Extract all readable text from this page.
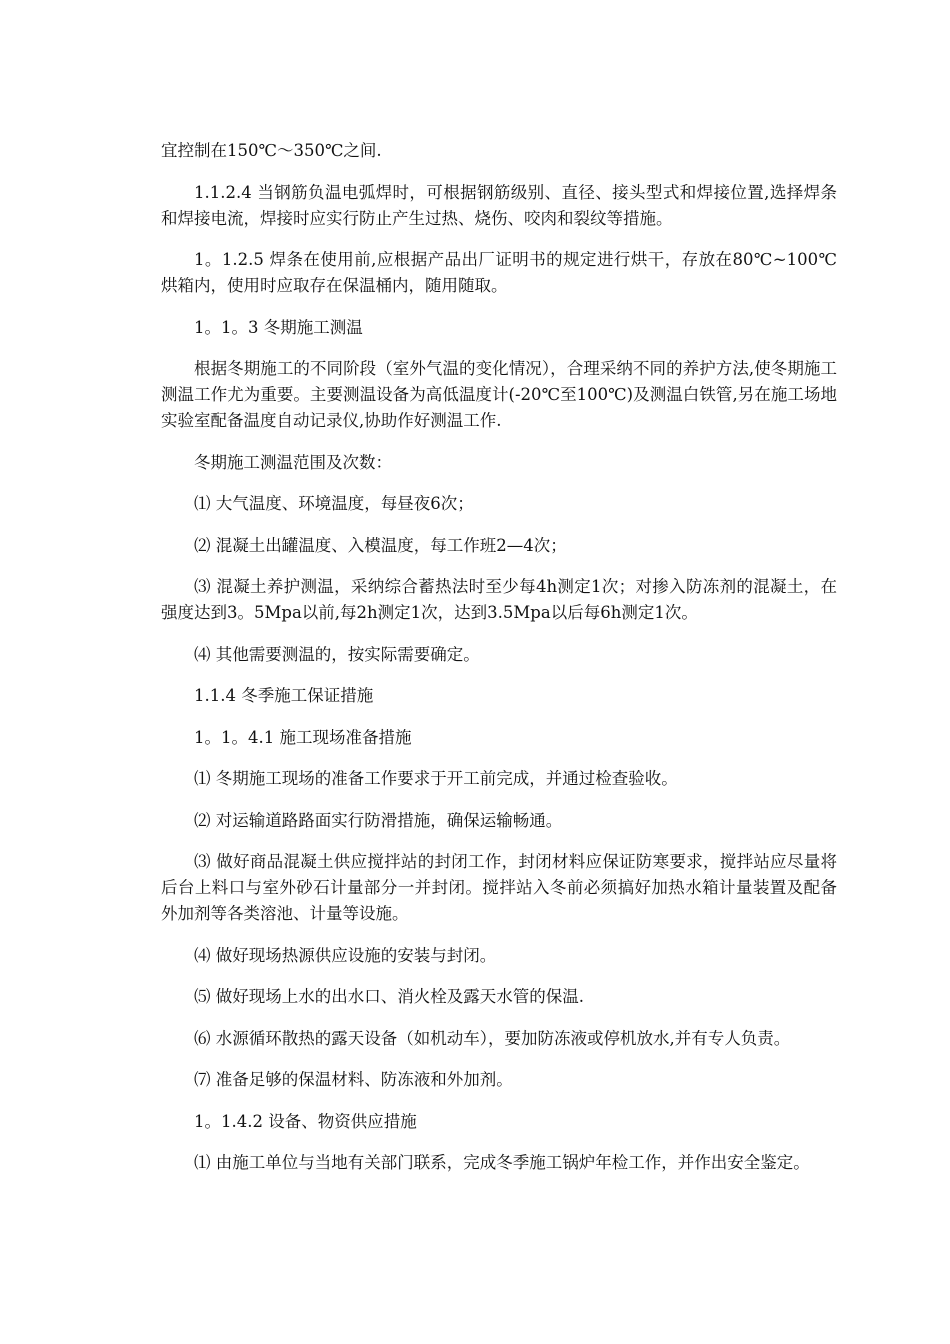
宜控制在150℃～350℃之间.

1.1.2.4 当钢筋负温电弧焊时，可根据钢筋级别、直径、接头型式和焊接位置,选择焊条和焊接电流，焊接时应实行防止产生过热、烧伤、咬肉和裂纹等措施。

1。1.2.5 焊条在使用前,应根据产品出厂证明书的规定进行烘干，存放在80℃~100℃烘箱内，使用时应取存在保温桶内，随用随取。

1。1。3 冬期施工测温

根据冬期施工的不同阶段（室外气温的变化情况），合理采纳不同的养护方法,使冬期施工测温工作尤为重要。主要测温设备为高低温度计(-20℃至100℃)及测温白铁管,另在施工场地实验室配备温度自动记录仪,协助作好测温工作.

冬期施工测温范围及次数：

⑴ 大气温度、环境温度，每昼夜6次；

⑵ 混凝土出罐温度、入模温度，每工作班2—4次；

⑶ 混凝土养护测温，采纳综合蓄热法时至少每4h测定1次；对掺入防冻剂的混凝土，在强度达到3。5Mpa以前,每2h测定1次，达到3.5Mpa以后每6h测定1次。

⑷ 其他需要测温的，按实际需要确定。

1.1.4 冬季施工保证措施

1。1。4.1 施工现场准备措施

⑴ 冬期施工现场的准备工作要求于开工前完成，并通过检查验收。

⑵ 对运输道路路面实行防滑措施，确保运输畅通。

⑶ 做好商品混凝土供应搅拌站的封闭工作，封闭材料应保证防寒要求，搅拌站应尽量将后台上料口与室外砂石计量部分一并封闭。搅拌站入冬前必须搞好加热水箱计量装置及配备外加剂等各类溶池、计量等设施。

⑷ 做好现场热源供应设施的安装与封闭。

⑸ 做好现场上水的出水口、消火栓及露天水管的保温.

⑹ 水源循环散热的露天设备（如机动车），要加防冻液或停机放水,并有专人负责。

⑺ 准备足够的保温材料、防冻液和外加剂。

1。1.4.2 设备、物资供应措施

⑴ 由施工单位与当地有关部门联系，完成冬季施工锅炉年检工作，并作出安全鉴定。
